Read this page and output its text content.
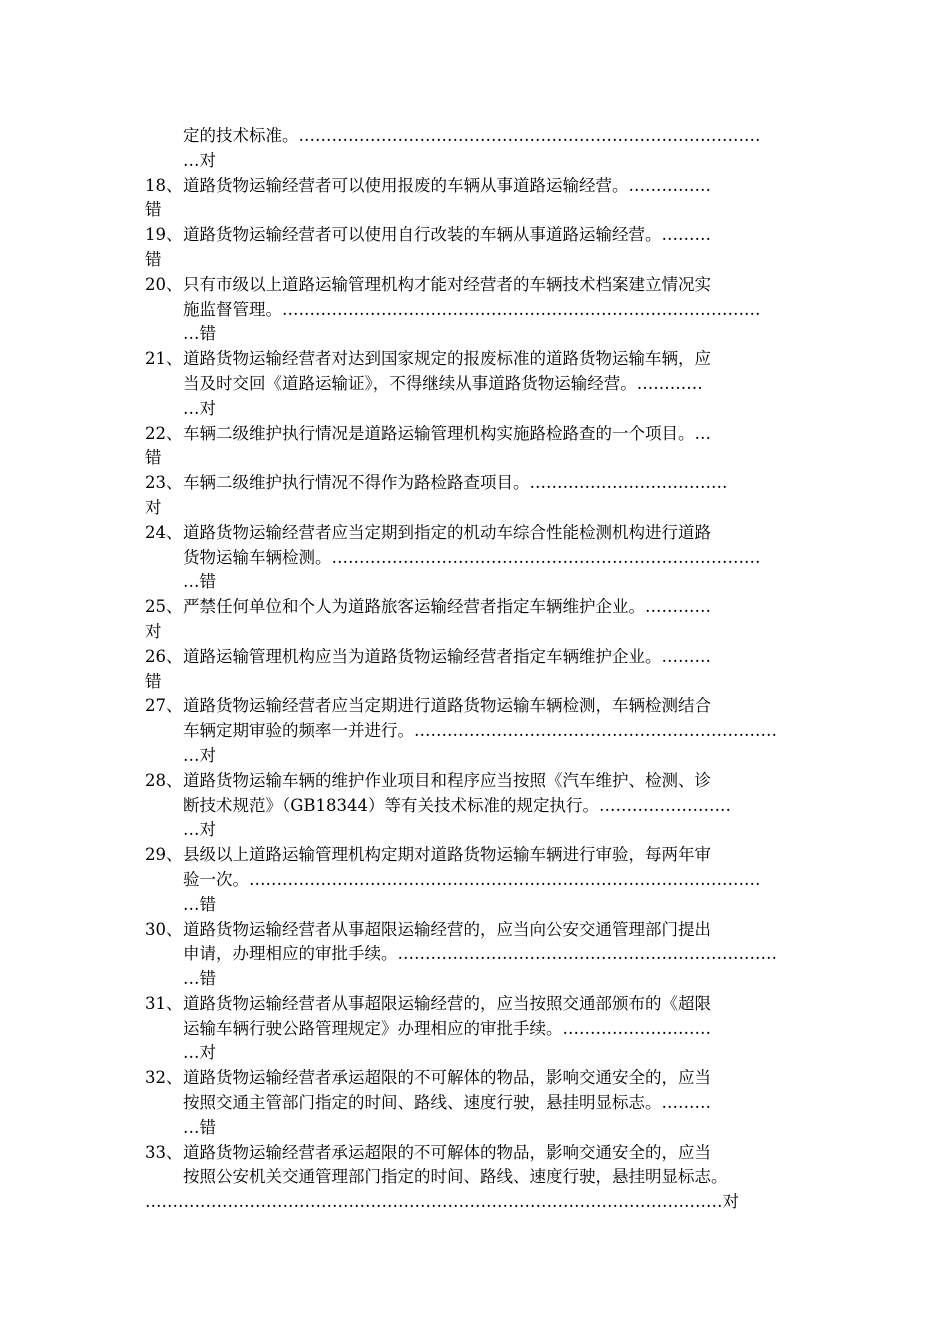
定的技术标准。…………………………………………………………………………
…对
18、 道路货物运输经营者可以使用报废的车辆从事道路运输经营。……………
错
19、 道路货物运输经营者可以使用自行改装的车辆从事道路运输经营。………
错
20、 只有市级以上道路运输管理机构才能对经营者的车辆技术档案建立情况实
施监督管理。……………………………………………………………………………
…错
21、 道路货物运输经营者对达到国家规定的报废标准的道路货物运输车辆，应
当及时交回《道路运输证》，不得继续从事道路货物运输经营。…………
…对
22、 车辆二级维护执行情况是道路运输管理机构实施路检路查的一个项目。…
错
23、 车辆二级维护执行情况不得作为路检路查项目。………………………………
对
24、 道路货物运输经营者应当定期到指定的机动车综合性能检测机构进行道路
货物运输车辆检测。……………………………………………………………………
…错
25、 严禁任何单位和个人为道路旅客运输经营者指定车辆维护企业。…………
对
26、 道路运输管理机构应当为道路货物运输经营者指定车辆维护企业。………
错
27、 道路货物运输经营者应当定期进行道路货物运输车辆检测，车辆检测结合
车辆定期审验的频率一并进行。…………………………………………………………
…对
28、 道路货物运输车辆的维护作业项目和程序应当按照《汽车维护、检测、诊
断技术规范》（GB18344）等有关技术标准的规定执行。……………………
…对
29、 县级以上道路运输管理机构定期对道路货物运输车辆进行审验，每两年审
验一次。…………………………………………………………………………………
…错
30、 道路货物运输经营者从事超限运输经营的，应当向公安交通管理部门提出
申请，办理相应的审批手续。……………………………………………………………
…错
31、 道路货物运输经营者从事超限运输经营的，应当按照交通部颁布的《超限
运输车辆行驶公路管理规定》办理相应的审批手续。………………………
…对
32、 道路货物运输经营者承运超限的不可解体的物品，影响交通安全的，应当
按照交通主管部门指定的时间、路线、速度行驶，悬挂明显标志。………
…错
33、 道路货物运输经营者承运超限的不可解体的物品，影响交通安全的，应当
按照公安机关交通管理部门指定的时间、路线、速度行驶，悬挂明显标志。
……………………………………………………………………………………………对
